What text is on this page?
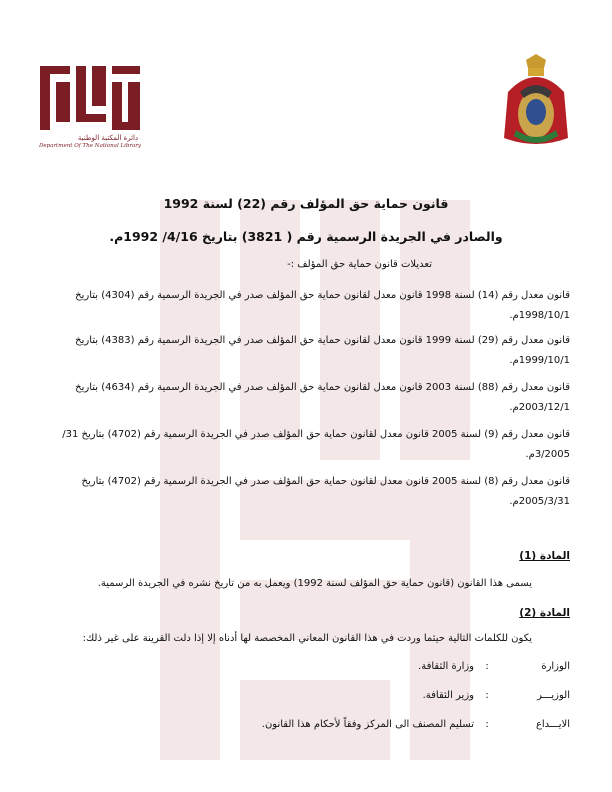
دائرة المكتبة الوطنية
Department Of The National Library
قانون حماية حق المؤلف رقم (22) لسنة 1992
والصادر في الجريدة الرسمية رقم ( 3821) بتاريخ 4/16/ 1992م.
تعديلات قانون حماية حق المؤلف :-
قانون معدل رقم (14) لسنة 1998 قانون معدل لقانون حماية حق المؤلف صدر في الجريدة الرسمية رقم (4304) بتاريخ 1998/10/1م.
قانون معدل رقم (29) لسنة 1999 قانون معدل لقانون حماية حق المؤلف صدر في الجريدة الرسمية رقم (4383) بتاريخ 1999/10/1م.
قانون معدل رقم (88) لسنة 2003 قانون معدل لقانون حماية حق المؤلف صدر في الجريدة الرسمية رقم (4634) بتاريخ 2003/12/1م.
قانون معدل رقم (9) لسنة 2005 قانون معدل لقانون حماية حق المؤلف صدر في الجريدة الرسمية رقم (4702) بتاريخ 31/ 3/2005م.
قانون معدل رقم (8) لسنة 2005 قانون معدل لقانون حماية حق المؤلف صدر في الجريدة الرسمية رقم (4702) بتاريخ 2005/3/31م.
المادة (1)
يسمى هذا القانون (قانون حماية حق المؤلف لسنة 1992) ويعمل به من تاريخ نشره في الجريدة الرسمية.
المادة (2)
يكون للكلمات التالية حيثما وردت في هذا القانون المعاني المخصصة لها أدناه إلا إذا دلت القرينة على غير ذلك:
الوزارة
:
وزارة الثقافة.
الوزيـــر
:
وزير الثقافة.
الايـــداع
:
تسليم المصنف الى المركز وفقاً لأحكام هذا القانون.
